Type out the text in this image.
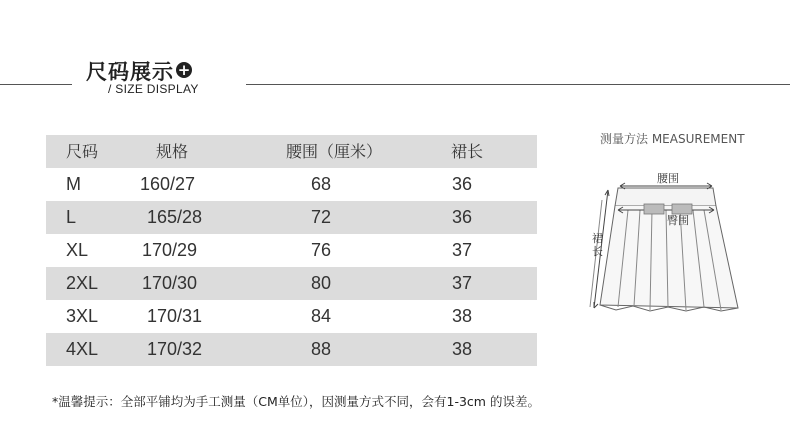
尺码展示 +
/ SIZE DISPLAY
尺码	规格	腰围（厘米）	裙长
M	160/27	68	36
L	165/28	72	36
XL	170/29	76	37
2XL 170/30	80	37
3XL	170/31	84	38
4XL	170/32	88	38
测量方法 MEASUREMENT
腰围
臀围
裙 长
*温馨提示：全部平铺均为手工测量（CM单位），因测量方式不同，会有1-3cm 的误差。
